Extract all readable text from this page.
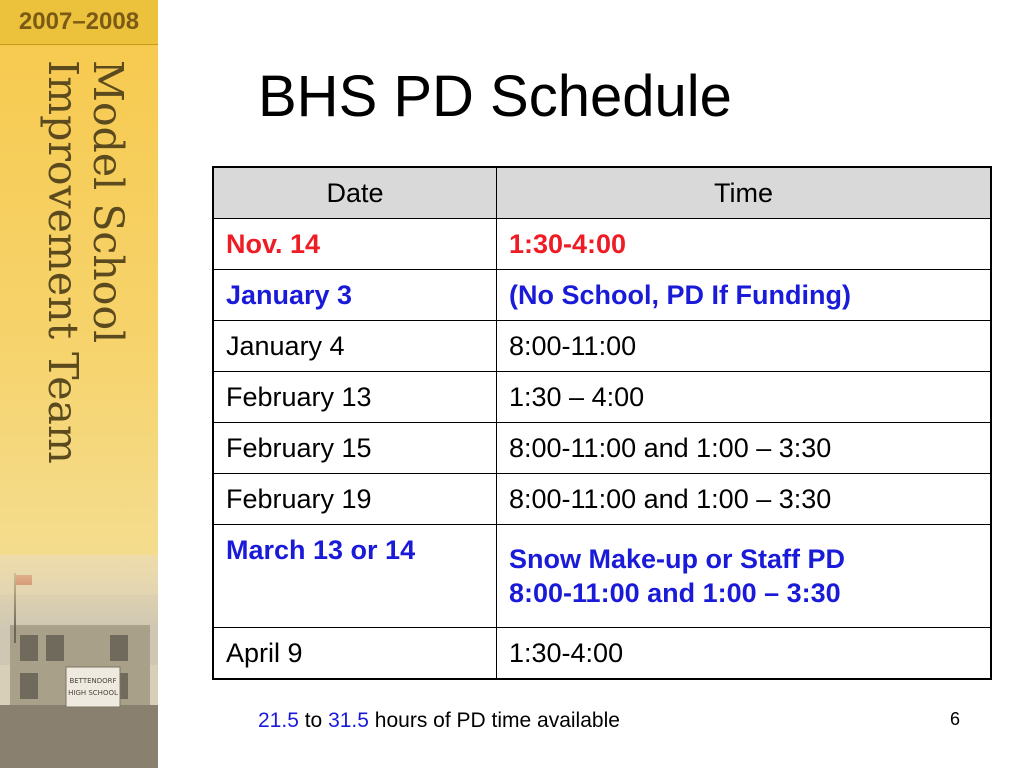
2007–2008
Model School
Improvement Team	BHS PD Schedule
Date	Time
Nov. 14	1:30-4:00
January 3	(No School, PD If Funding)
January 4	8:00-11:00
February 13	1:30 – 4:00
February 15	8:00-11:00 and 1:00 – 3:30
February 19	8:00-11:00 and 1:00 – 3:30
March 13 or 14	Snow Make-up or Staff PD
8:00-11:00 and 1:00 – 3:30
April 9	1:30-4:00
21.5 to 31.5 hours of PD time available	6
